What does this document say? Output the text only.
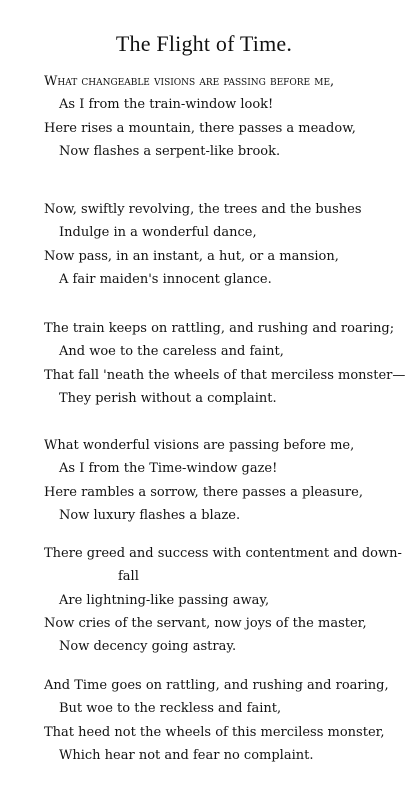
The Flight of Time.
What changeable visions are passing before me,
As I from the train-window look!
Here rises a mountain, there passes a meadow,
Now flashes a serpent-like brook.
Now, swiftly revolving, the trees and the bushes
Indulge in a wonderful dance,
Now pass, in an instant, a hut, or a mansion,
A fair maiden's innocent glance.
The train keeps on rattling, and rushing and roaring;
And woe to the careless and faint,
That fall 'neath the wheels of that merciless monster—
They perish without a complaint.
What wonderful visions are passing before me,
As I from the Time-window gaze!
Here rambles a sorrow, there passes a pleasure,
Now luxury flashes a blaze.
There greed and success with contentment and down-
fall
Are lightning-like passing away,
Now cries of the servant, now joys of the master,
Now decency going astray.
And Time goes on rattling, and rushing and roaring,
But woe to the reckless and faint,
That heed not the wheels of this merciless monster,
Which hear not and fear no complaint.
